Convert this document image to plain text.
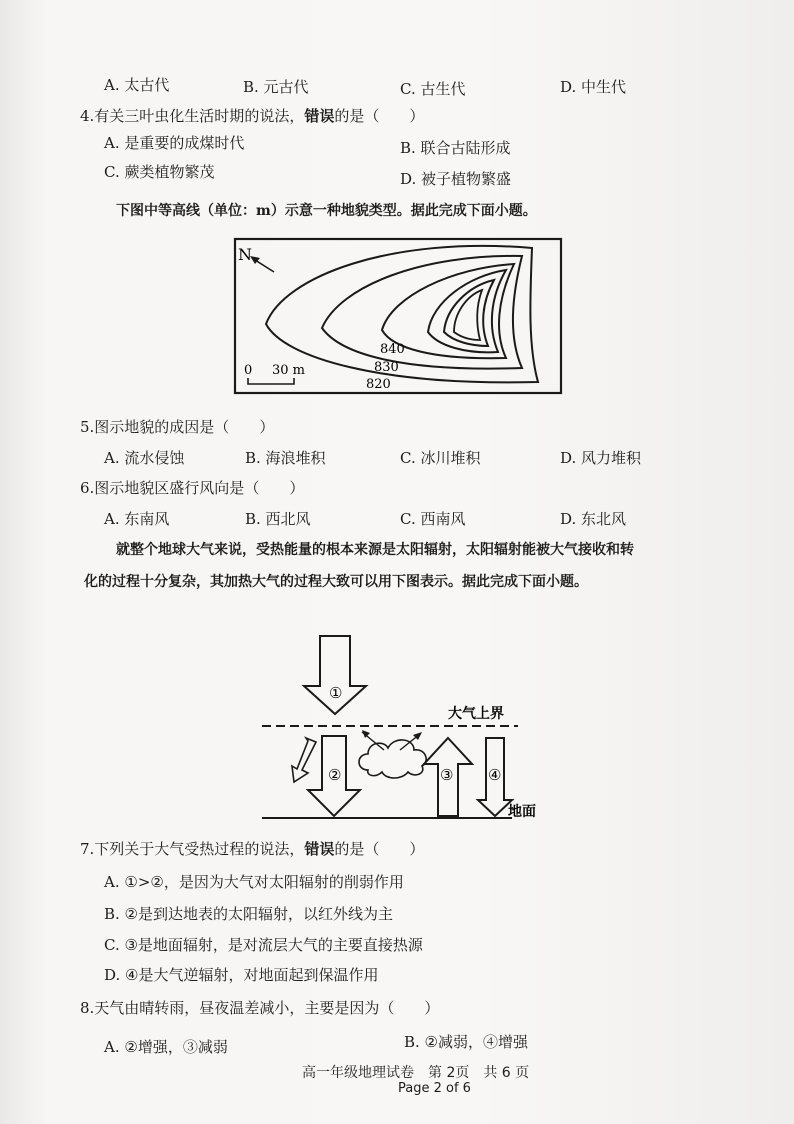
A. 太古代	B. 元古代	C. 古生代	D. 中生代
4.有关三叶虫化生活时期的说法，错误的是（　　）
A. 是重要的成煤时代	B. 联合古陆形成
C. 蕨类植物繁茂	D. 被子植物繁盛
下图中等高线（单位：m）示意一种地貌类型。据此完成下面小题。
N
840
830
820
0 30 m
5.图示地貌的成因是（　　）
A. 流水侵蚀	B. 海浪堆积	C. 冰川堆积	D. 风力堆积
6.图示地貌区盛行风向是（　　）
A. 东南风	B. 西北风	C. 西南风	D. 东北风
就整个地球大气来说，受热能量的根本来源是太阳辐射，太阳辐射能被大气接收和转
化的过程十分复杂，其加热大气的过程大致可以用下图表示。据此完成下面小题。
①
大气上界
②	③ ④
地面
7.下列关于大气受热过程的说法，错误的是（　　）
A. ①>②，是因为大气对太阳辐射的削弱作用
B. ②是到达地表的太阳辐射，以红外线为主
C. ③是地面辐射，是对流层大气的主要直接热源
D. ④是大气逆辐射，对地面起到保温作用
8.天气由晴转雨，昼夜温差减小，主要是因为（　　）
A. ②增强，③减弱	B. ②减弱，④增强
高一年级地理试卷　第 2页　共 6 页
Page 2 of 6
